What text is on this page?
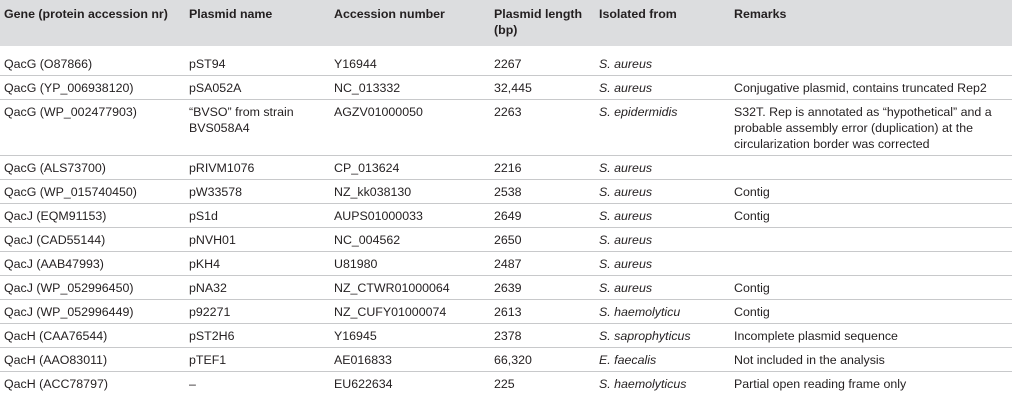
Gene (protein accession nr)	Plasmid name	Accession number	Plasmid length (bp)	Isolated from	Remarks
QacG (O87866)	pST94	Y16944	2267	S. aureus	
QacG (YP_006938120)	pSA052A	NC_013332	32,445	S. aureus	Conjugative plasmid, contains truncated Rep2
QacG (WP_002477903)	“BVSO” from strain BVS058A4	AGZV01000050	2263	S. epidermidis	S32T. Rep is annotated as “hypothetical” and a probable assembly error (duplication) at the circularization border was corrected
QacG (ALS73700)	pRIVM1076	CP_013624	2216	S. aureus	
QacG (WP_015740450)	pW33578	NZ_kk038130	2538	S. aureus	Contig
QacJ (EQM91153)	pS1d	AUPS01000033	2649	S. aureus	Contig
QacJ (CAD55144)	pNVH01	NC_004562	2650	S. aureus	
QacJ (AAB47993)	pKH4	U81980	2487	S. aureus	
QacJ (WP_052996450)	pNA32	NZ_CTWR01000064	2639	S. aureus	Contig
QacJ (WP_052996449)	p92271	NZ_CUFY01000074	2613	S. haemolyticu	Contig
QacH (CAA76544)	pST2H6	Y16945	2378	S. saprophyticus	Incomplete plasmid sequence
QacH (AAO83011)	pTEF1	AE016833	66,320	E. faecalis	Not included in the analysis
QacH (ACC78797)	–	EU622634	225	S. haemolyticus	Partial open reading frame only
